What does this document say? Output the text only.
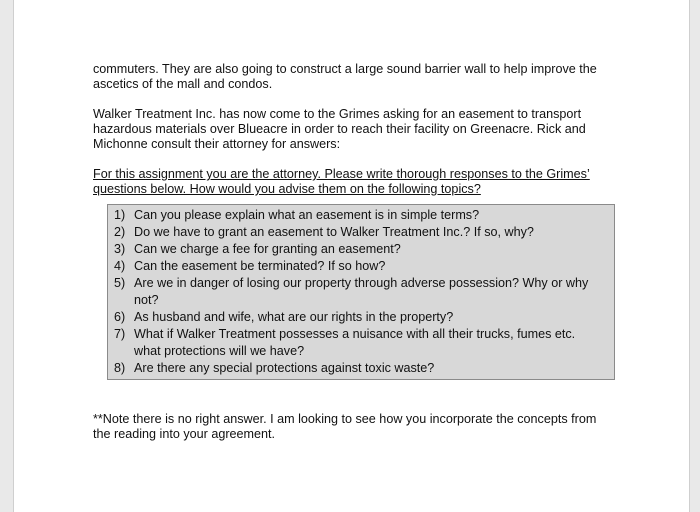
commuters. They are also going to construct a large sound barrier wall to help improve the ascetics of the mall and condos.

Walker Treatment Inc. has now come to the Grimes asking for an easement to transport hazardous materials over Blueacre in order to reach their facility on Greenacre. Rick and Michonne consult their attorney for answers:

For this assignment you are the attorney. Please write thorough responses to the Grimes’ questions below. How would you advise them on the following topics?

1) Can you please explain what an easement is in simple terms?
2) Do we have to grant an easement to Walker Treatment Inc.? If so, why?
3) Can we charge a fee for granting an easement?
4) Can the easement be terminated? If so how?
5) Are we in danger of losing our property through adverse possession? Why or why not?
6) As husband and wife, what are our rights in the property?
7) What if Walker Treatment possesses a nuisance with all their trucks, fumes etc. what protections will we have?
8) Are there any special protections against toxic waste?

**Note there is no right answer. I am looking to see how you incorporate the concepts from the reading into your agreement.
